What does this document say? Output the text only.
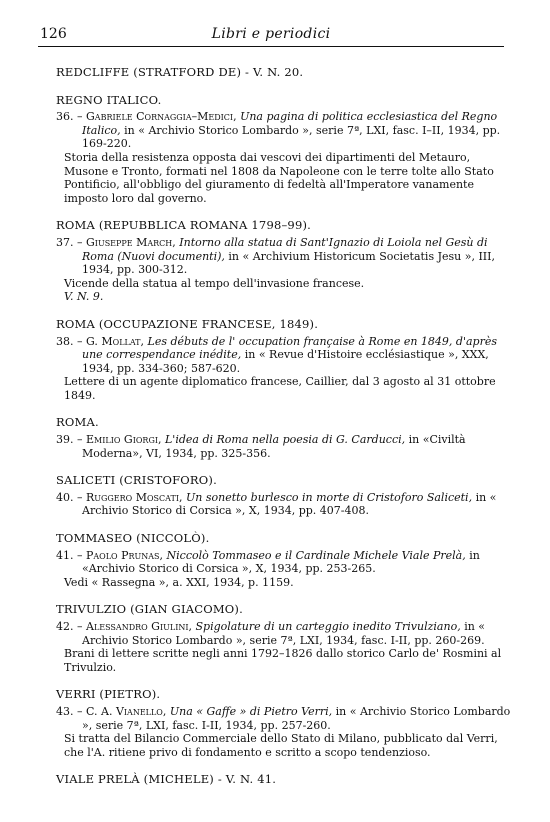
126	Libri e periodici
REDCLIFFE (STRATFORD DE) - V. N. 20.
REGNO ITALICO.
36. – Gabriele Cornaggia–Medici, Una pagina di politica ecclesiastica del Regno Italico, in « Archivio Storico Lombardo », serie 7ª, LXI, fasc. I–II, 1934, pp. 169-220.
Storia della resistenza opposta dai vescovi dei dipartimenti del Metauro, Musone e Tronto, formati nel 1808 da Napoleone con le terre tolte allo Stato Pontificio, all'obbligo del giuramento di fedeltà all'Imperatore vanamente imposto loro dal governo.
ROMA (REPUBBLICA ROMANA 1798–99).
37. – Giuseppe March, Intorno alla statua di Sant'Ignazio di Loiola nel Gesù di Roma (Nuovi documenti), in « Archivium Historicum Societatis Jesu », III, 1934, pp. 300-312.
Vicende della statua al tempo dell'invasione francese.
V. N. 9.
ROMA (OCCUPAZIONE FRANCESE, 1849).
38. – G. Mollat, Les débuts de l' occupation française à Rome en 1849, d'après une correspendance inédite, in « Revue d'Histoire ecclésiastique », XXX, 1934, pp. 334-360; 587-620.
Lettere di un agente diplomatico francese, Caillier, dal 3 agosto al 31 ottobre 1849.
ROMA.
39. – Emilio Giorgi, L'idea di Roma nella poesia di G. Carducci, in «Civiltà Moderna», VI, 1934, pp. 325-356.
SALICETI (CRISTOFORO).
40. – Ruggero Moscati, Un sonetto burlesco in morte di Cristoforo Saliceti, in « Archivio Storico di Corsica », X, 1934, pp. 407-408.
TOMMASEO (NICCOLÒ).
41. – Paolo Prunas, Niccolò Tommaseo e il Cardinale Michele Viale Prelà, in «Archivio Storico di Corsica », X, 1934, pp. 253-265.
Vedi « Rassegna », a. XXI, 1934, p. 1159.
TRIVULZIO (GIAN GIACOMO).
42. – Alessandro Giulini, Spigolature di un carteggio inedito Trivulziano, in « Archivio Storico Lombardo », serie 7ª, LXI, 1934, fasc. I-II, pp. 260-269.
Brani di lettere scritte negli anni 1792–1826 dallo storico Carlo de' Rosmini al Trivulzio.
VERRI (PIETRO).
43. – C. A. Vianello, Una « Gaffe » di Pietro Verri, in « Archivio Storico Lombardo », serie 7ª, LXI, fasc. I-II, 1934, pp. 257-260.
Si tratta del Bilancio Commerciale dello Stato di Milano, pubblicato dal Verri, che l'A. ritiene privo di fondamento e scritto a scopo tendenzioso.
VIALE PRELÀ (MICHELE) - V. N. 41.
